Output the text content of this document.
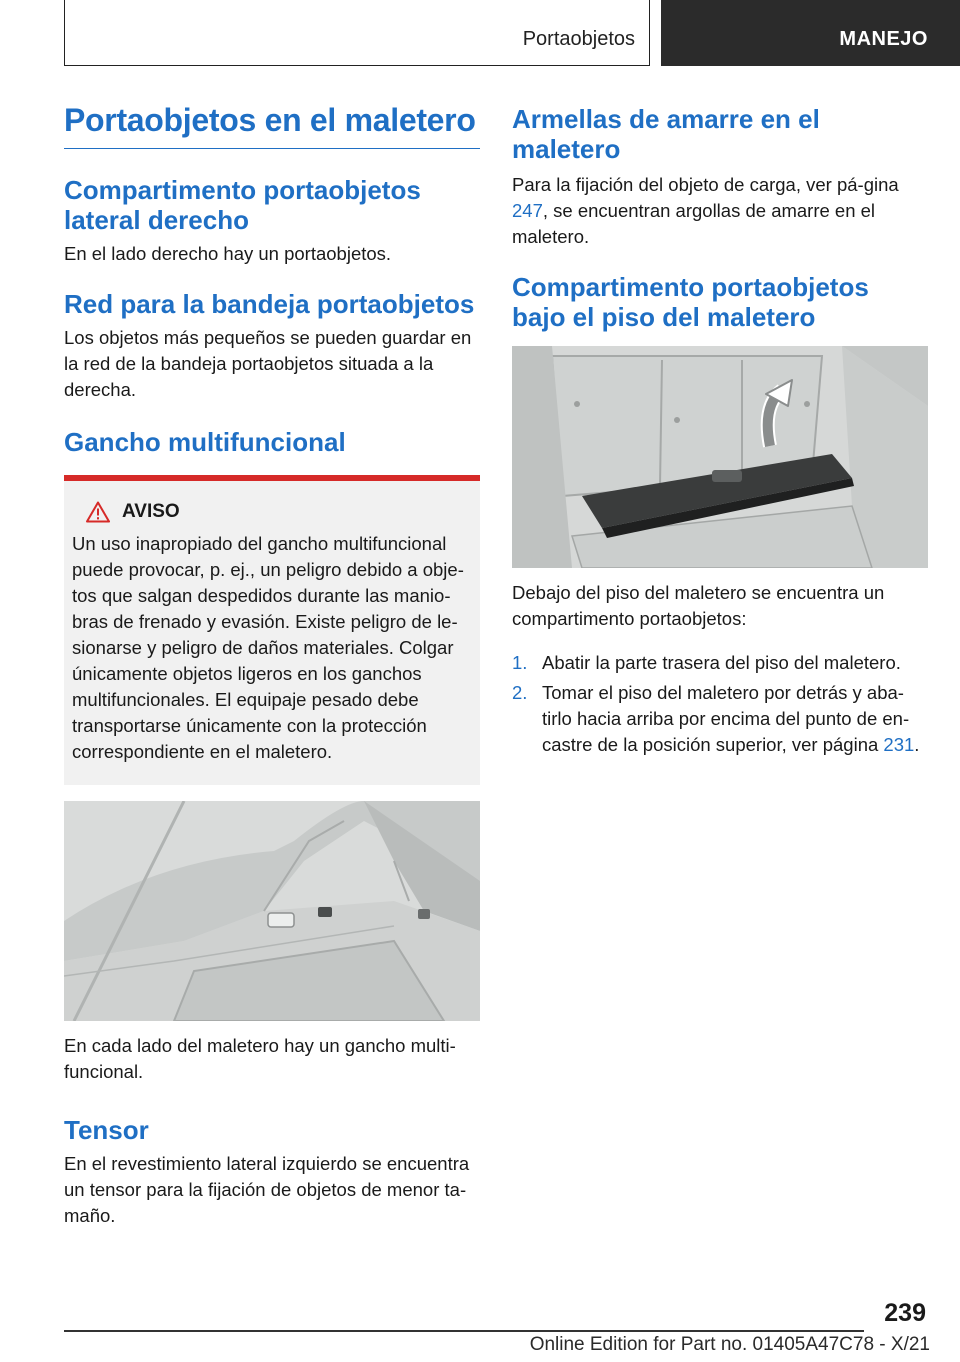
Portaobjetos	MANEJO
Portaobjetos en el maletero
Compartimento portaobjetos lateral derecho
En el lado derecho hay un portaobjetos.
Red para la bandeja portaobjetos
Los objetos más pequeños se pueden guardar en la red de la bandeja portaobjetos situada a la derecha.
Gancho multifuncional
AVISO
Un uso inapropiado del gancho multifuncional puede provocar, p. ej., un peligro debido a obje-tos que salgan despedidos durante las manio-bras de frenado y evasión. Existe peligro de le-sionarse y peligro de daños materiales. Colgar únicamente objetos ligeros en los ganchos multifuncionales. El equipaje pesado debe transportarse únicamente con la protección correspondiente en el maletero.
En cada lado del maletero hay un gancho multi-funcional.
Tensor
En el revestimiento lateral izquierdo se encuentra un tensor para la fijación de objetos de menor ta-maño.
Armellas de amarre en el maletero
Para la fijación del objeto de carga, ver pá-gina 247, se encuentran argollas de amarre en el maletero.
Compartimento portaobjetos bajo el piso del maletero
Debajo del piso del maletero se encuentra un compartimento portaobjetos:
1. Abatir la parte trasera del piso del maletero.
2. Tomar el piso del maletero por detrás y aba-tirlo hacia arriba por encima del punto de en-castre de la posición superior, ver página 231.
239
Online Edition for Part no. 01405A47C78 - X/21
